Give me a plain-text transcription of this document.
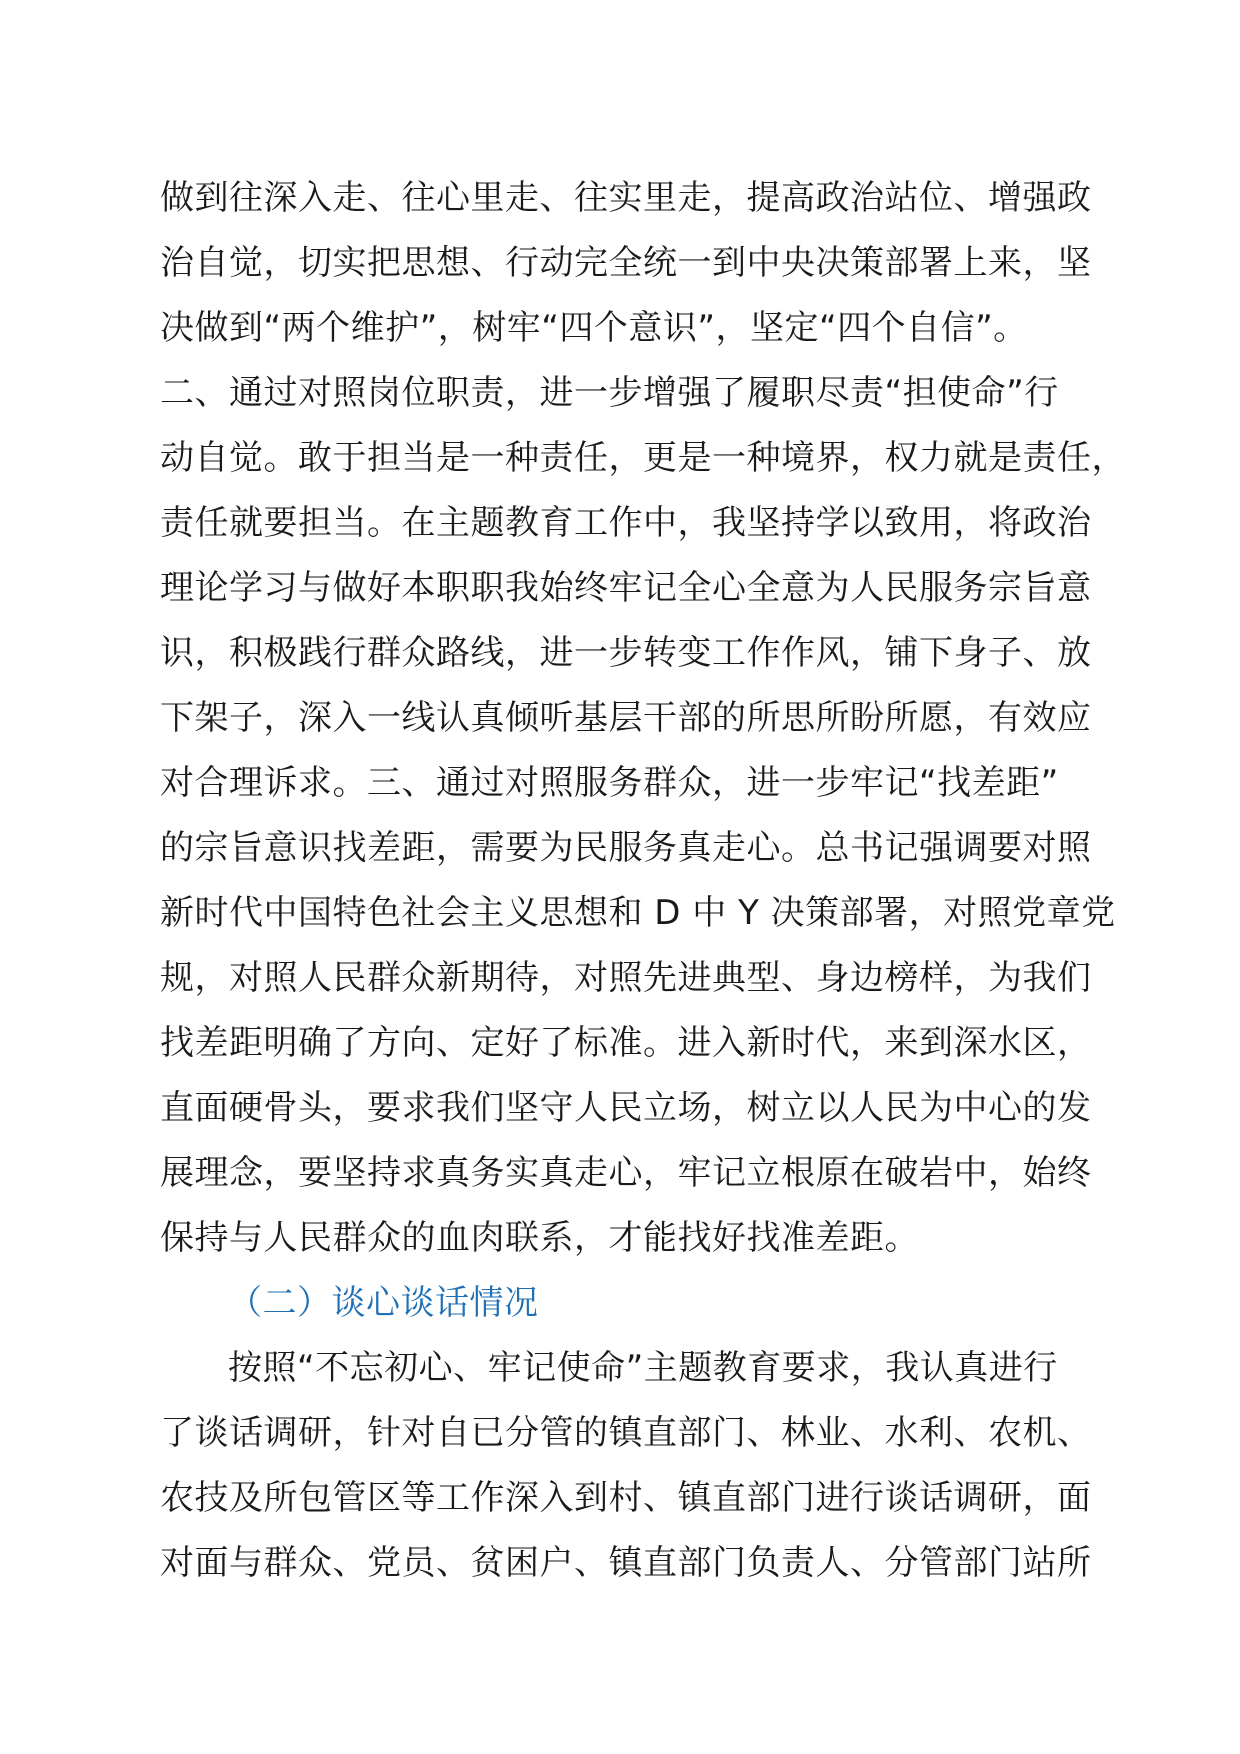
做到往深入走、往心里走、往实里走，提高政治站位、增强政
治自觉，切实把思想、行动完全统一到中央决策部署上来，坚
决做到“两个维护”，树牢“四个意识”，坚定“四个自信”。
二、通过对照岗位职责，进一步增强了履职尽责“担使命”行
动自觉。敢于担当是一种责任，更是一种境界，权力就是责任，
责任就要担当。在主题教育工作中，我坚持学以致用，将政治
理论学习与做好本职职我始终牢记全心全意为人民服务宗旨意
识，积极践行群众路线，进一步转变工作作风，铺下身子、放
下架子，深入一线认真倾听基层干部的所思所盼所愿，有效应
对合理诉求。三、通过对照服务群众，进一步牢记“找差距”
的宗旨意识找差距，需要为民服务真走心。总书记强调要对照
新时代中国特色社会主义思想和 D 中 Y 决策部署，对照党章党
规，对照人民群众新期待，对照先进典型、身边榜样，为我们
找差距明确了方向、定好了标准。进入新时代，来到深水区，
直面硬骨头，要求我们坚守人民立场，树立以人民为中心的发
展理念，要坚持求真务实真走心，牢记立根原在破岩中，始终
保持与人民群众的血肉联系，才能找好找准差距。
（二）谈心谈话情况
按照“不忘初心、牢记使命”主题教育要求，我认真进行
了谈话调研，针对自已分管的镇直部门、林业、水利、农机、
农技及所包管区等工作深入到村、镇直部门进行谈话调研，面
对面与群众、党员、贫困户、镇直部门负责人、分管部门站所
